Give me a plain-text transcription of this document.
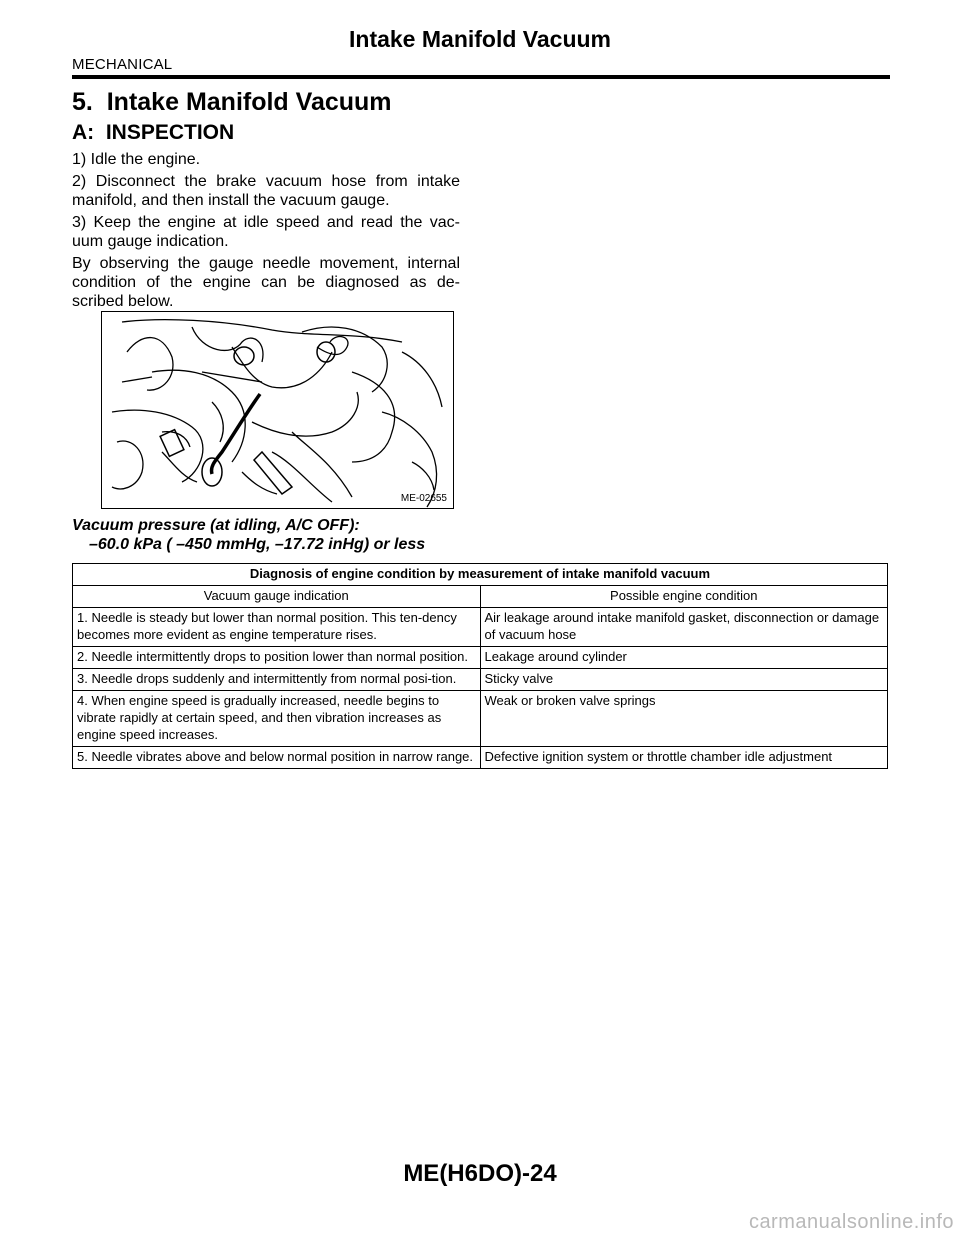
Intake Manifold Vacuum
MECHANICAL
5.  Intake Manifold Vacuum
A:  INSPECTION

1) Idle the engine.

2) Disconnect the brake vacuum hose from intake manifold, and then install the vacuum gauge.

3) Keep the engine at idle speed and read the vac-uum gauge indication.

By observing the gauge needle movement, internal condition of the engine can be diagnosed as de-scribed below.

ME-02655
Vacuum pressure (at idling, A/C OFF):
–60.0 kPa ( –450 mmHg, –17.72 inHg) or less
Diagnosis of engine condition by measurement of intake manifold vacuum	
Vacuum gauge indication	Possible engine condition
1. Needle is steady but lower than normal position. This ten-dency becomes more evident as engine temperature rises.	Air leakage around intake manifold gasket, disconnection or damage of vacuum hose
2. Needle intermittently drops to position lower than normal position.	Leakage around cylinder
3. Needle drops suddenly and intermittently from normal posi-tion.	Sticky valve
4. When engine speed is gradually increased, needle begins to vibrate rapidly at certain speed, and then vibration increases as engine speed increases.	Weak or broken valve springs
5. Needle vibrates above and below normal position in narrow range.	Defective ignition system or throttle chamber idle adjustment
ME(H6DO)-24
carmanualsonline.info
